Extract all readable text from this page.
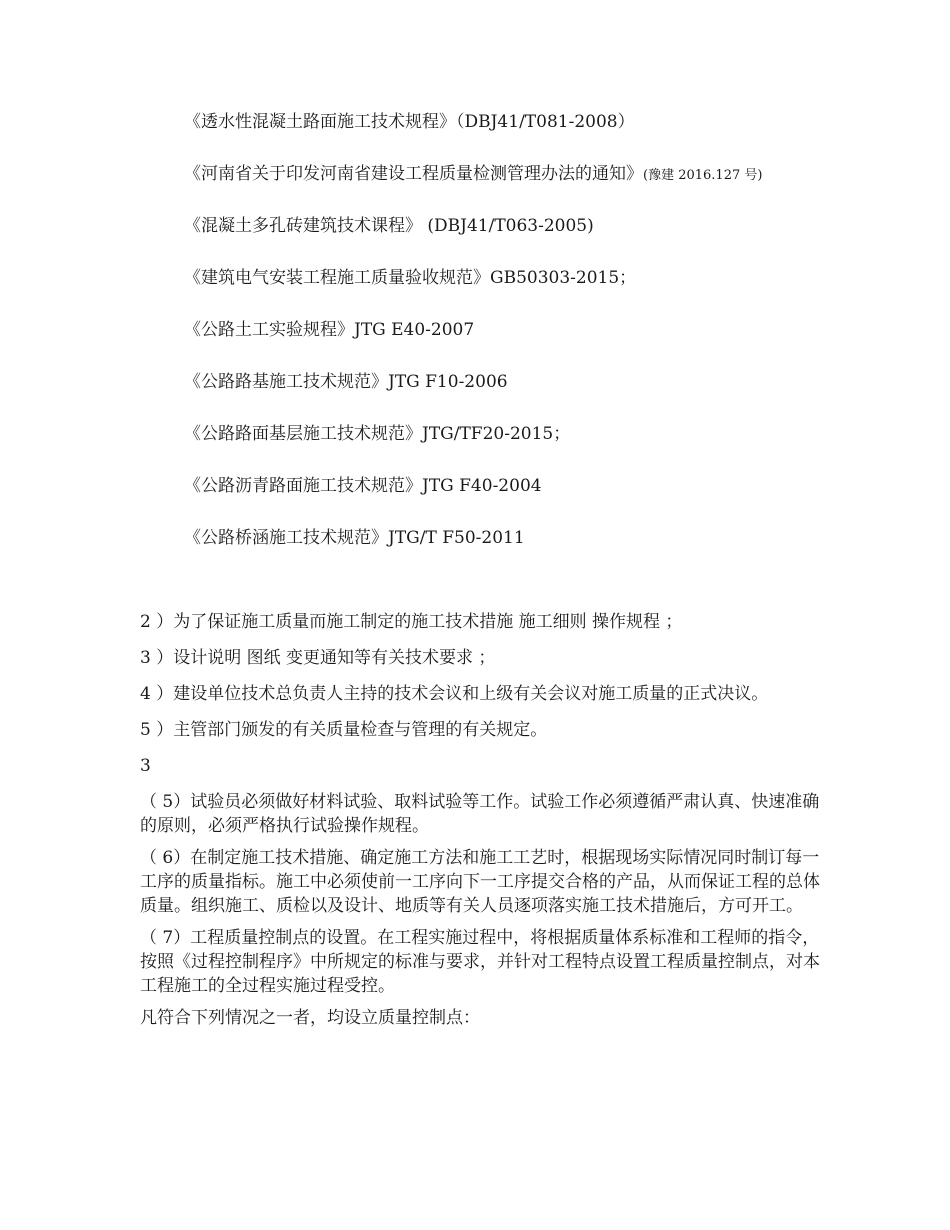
《透水性混凝土路面施工技术规程》（DBJ41/T081-2008）
《河南省关于印发河南省建设工程质量检测管理办法的通知》(豫建 2016.127 号)
《混凝土多孔砖建筑技术课程》 (DBJ41/T063-2005)
《建筑电气安装工程施工质量验收规范》GB50303-2015；
《公路土工实验规程》JTG E40-2007
《公路路基施工技术规范》JTG F10-2006
《公路路面基层施工技术规范》JTG/TF20-2015；
《公路沥青路面施工技术规范》JTG F40-2004
《公路桥涵施工技术规范》JTG/T F50-2011

2 ）为了保证施工质量而施工制定的施工技术措施 施工细则 操作规程 ；

3 ）设计说明 图纸 变更通知等有关技术要求 ；

4 ）建设单位技术总负责人主持的技术会议和上级有关会议对施工质量的正式决议。

5 ）主管部门颁发的有关质量检查与管理的有关规定。

3

（ 5）试验员必须做好材料试验、取料试验等工作。试验工作必须遵循严肃认真、快速准确的原则，必须严格执行试验操作规程。

（ 6）在制定施工技术措施、确定施工方法和施工工艺时，根据现场实际情况同时制订每一工序的质量指标。施工中必须使前一工序向下一工序提交合格的产品，从而保证工程的总体质量。组织施工、质检以及设计、地质等有关人员逐项落实施工技术措施后，方可开工。

（ 7）工程质量控制点的设置。在工程实施过程中，将根据质量体系标准和工程师的指令，按照《过程控制程序》中所规定的标准与要求，并针对工程特点设置工程质量控制点，对本工程施工的全过程实施过程受控。

凡符合下列情况之一者，均设立质量控制点：
